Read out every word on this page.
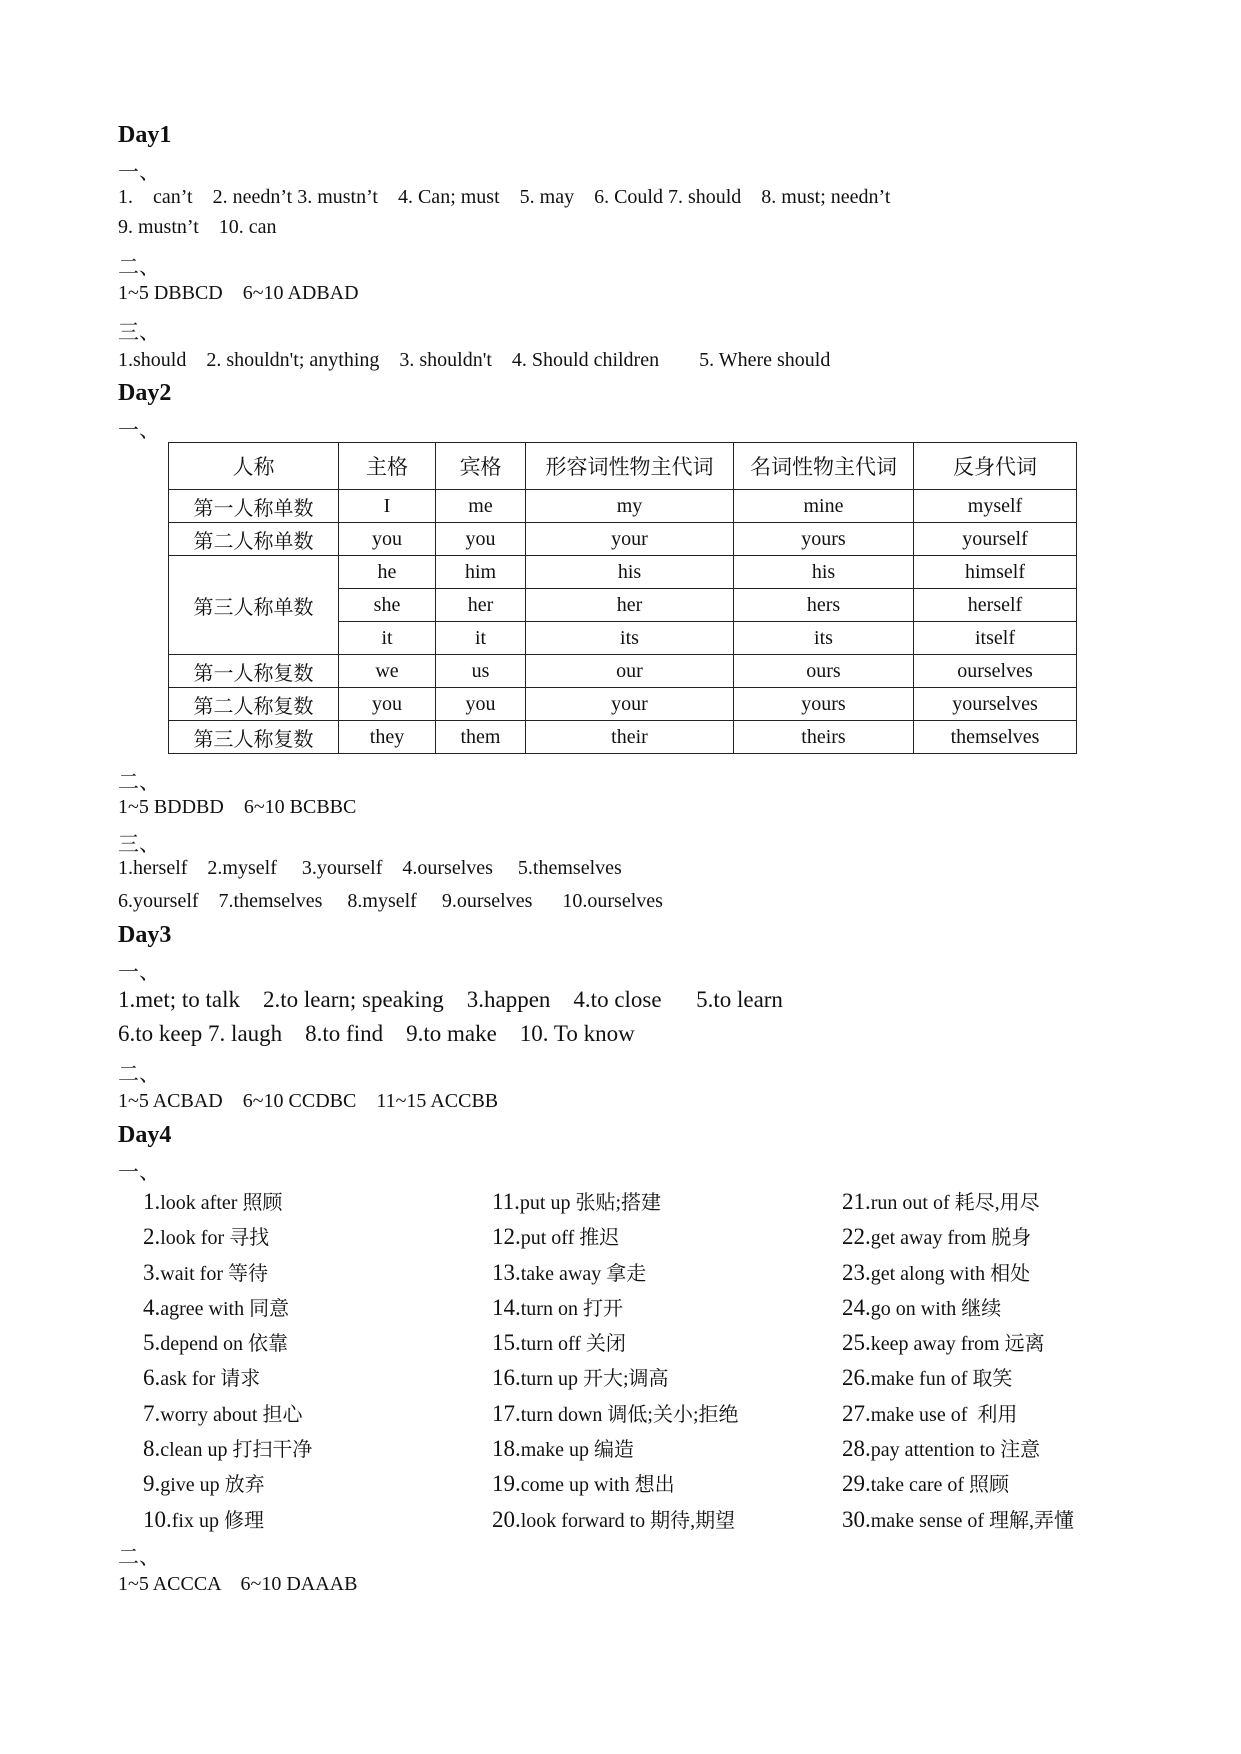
Day1
一、
1.    can’t    2. needn’t 3. mustn’t    4. Can; must    5. may    6. Could 7. should    8. must; needn’t
9. mustn’t    10. can
二、
1~5 DBBCD    6~10 ADBAD
三、
1.should    2. shouldn't; anything    3. shouldn't    4. Should children        5. Where should
Day2
一、
人称	主格	宾格	形容词性物主代词	名词性物主代词	反身代词
第一人称单数	I	me	my	mine	myself
第二人称单数	you	you	your	yours	yourself
第三人称单数	he	him	his	his	himself
	she	her	her	hers	herself
	it	it	its	its	itself
第一人称复数	we	us	our	ours	ourselves
第二人称复数	you	you	your	yours	yourselves
第三人称复数	they	them	their	theirs	themselves
二、
1~5 BDDBD    6~10 BCBBC
三、
1.herself    2.myself     3.yourself    4.ourselves     5.themselves
6.yourself    7.themselves     8.myself     9.ourselves      10.ourselves
Day3
一、
1.met; to talk    2.to learn; speaking    3.happen    4.to close      5.to learn
6.to keep 7. laugh    8.to find    9.to make    10. To know
二、
1~5 ACBAD    6~10 CCDBC    11~15 ACCBB
Day4
一、
1.look after 照顾
2.look for 寻找
3.wait for 等待
4.agree with 同意
5.depend on 依靠
6.ask for 请求
7.worry about 担心
8.clean up 打扫干净
9.give up 放弃
10.fix up 修理
11.put up 张贴;搭建
12.put off 推迟
13.take away 拿走
14.turn on 打开
15.turn off 关闭
16.turn up 开大;调高
17.turn down 调低;关小;拒绝
18.make up 编造
19.come up with 想出
20.look forward to 期待,期望
21.run out of 耗尽,用尽
22.get away from 脱身
23.get along with 相处
24.go on with 继续
25.keep away from 远离
26.make fun of 取笑
27.make use of  利用
28.pay attention to 注意
29.take care of 照顾
30.make sense of 理解,弄懂
二、
1~5 ACCCA    6~10 DAAAB
